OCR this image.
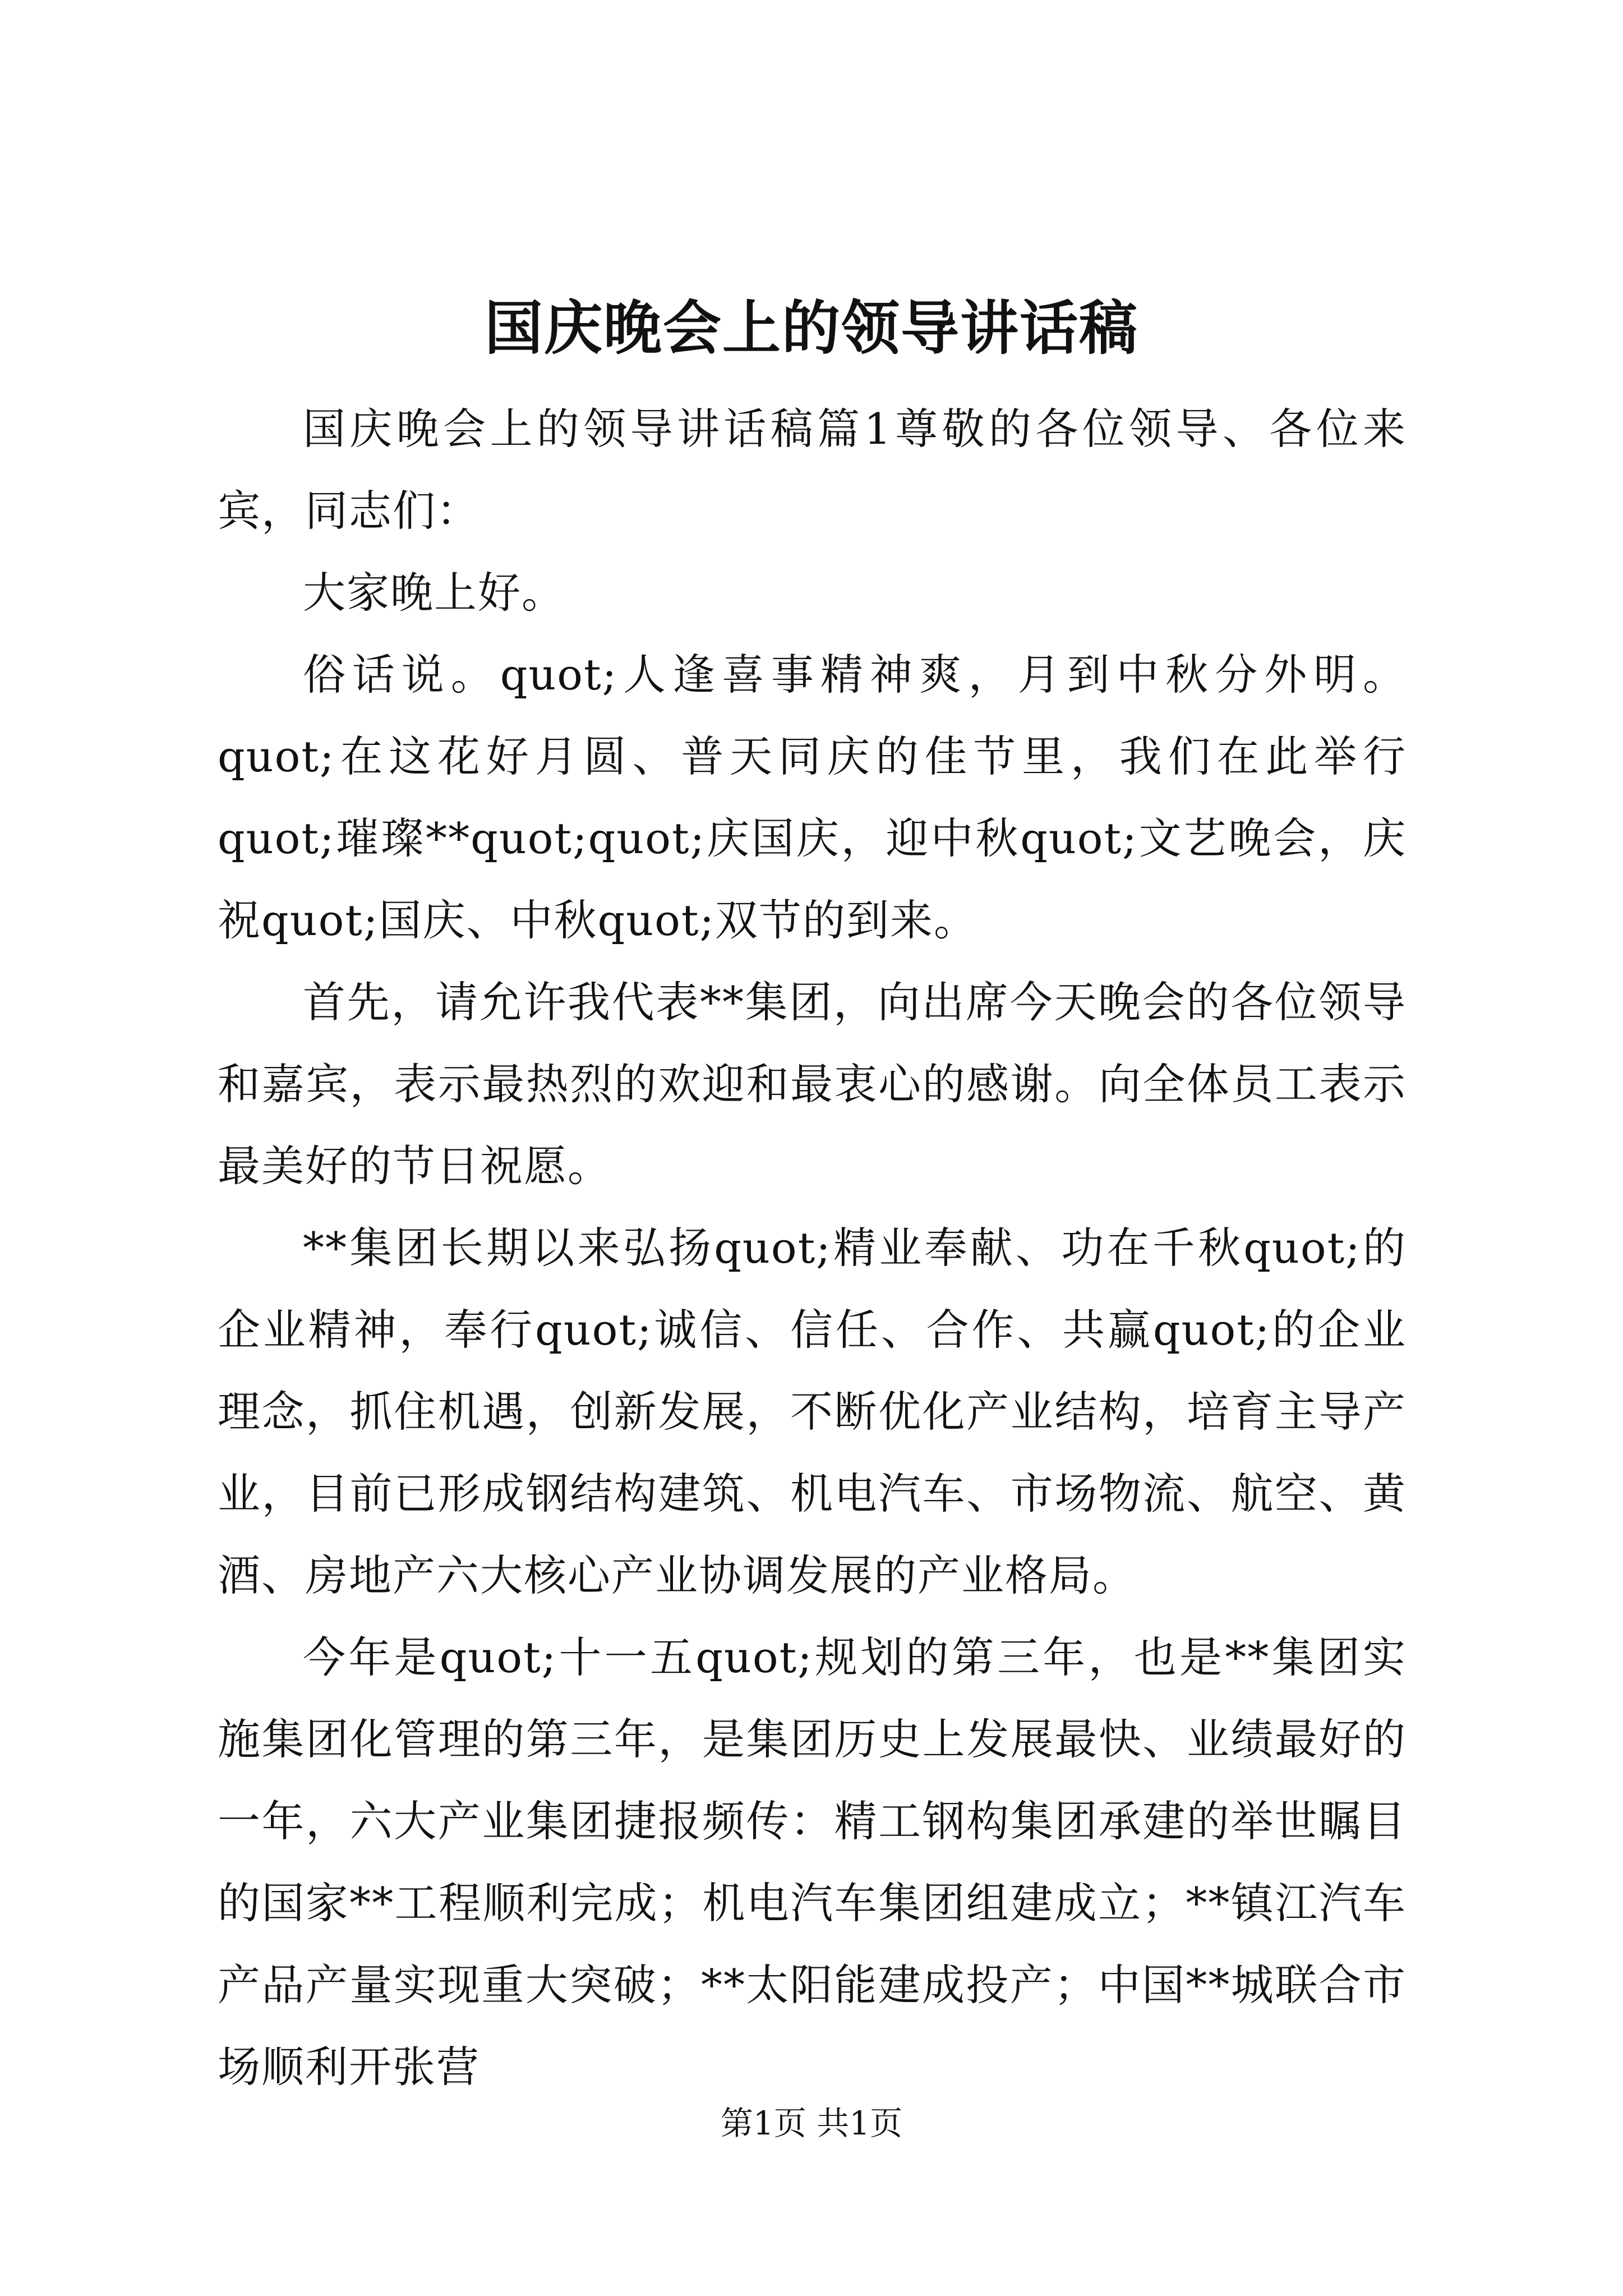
国庆晚会上的领导讲话稿

国庆晚会上的领导讲话稿篇1尊敬的各位领导、各位来宾，同志们：

大家晚上好。

俗话说。quot;人逢喜事精神爽，月到中秋分外明。quot;在这花好月圆、普天同庆的佳节里，我们在此举行quot;璀璨**quot;quot;庆国庆，迎中秋quot;文艺晚会，庆祝quot;国庆、中秋quot;双节的到来。

首先，请允许我代表**集团，向出席今天晚会的各位领导和嘉宾，表示最热烈的欢迎和最衷心的感谢。向全体员工表示最美好的节日祝愿。

**集团长期以来弘扬quot;精业奉献、功在千秋quot;的企业精神，奉行quot;诚信、信任、合作、共赢quot;的企业理念，抓住机遇，创新发展，不断优化产业结构，培育主导产业，目前已形成钢结构建筑、机电汽车、市场物流、航空、黄酒、房地产六大核心产业协调发展的产业格局。

今年是quot;十一五quot;规划的第三年，也是**集团实施集团化管理的第三年，是集团历史上发展最快、业绩最好的一年，六大产业集团捷报频传：精工钢构集团承建的举世瞩目的国家**工程顺利完成；机电汽车集团组建成立；**镇江汽车产品产量实现重大突破；**太阳能建成投产；中国**城联合市场顺利开张营

第1页 共1页
